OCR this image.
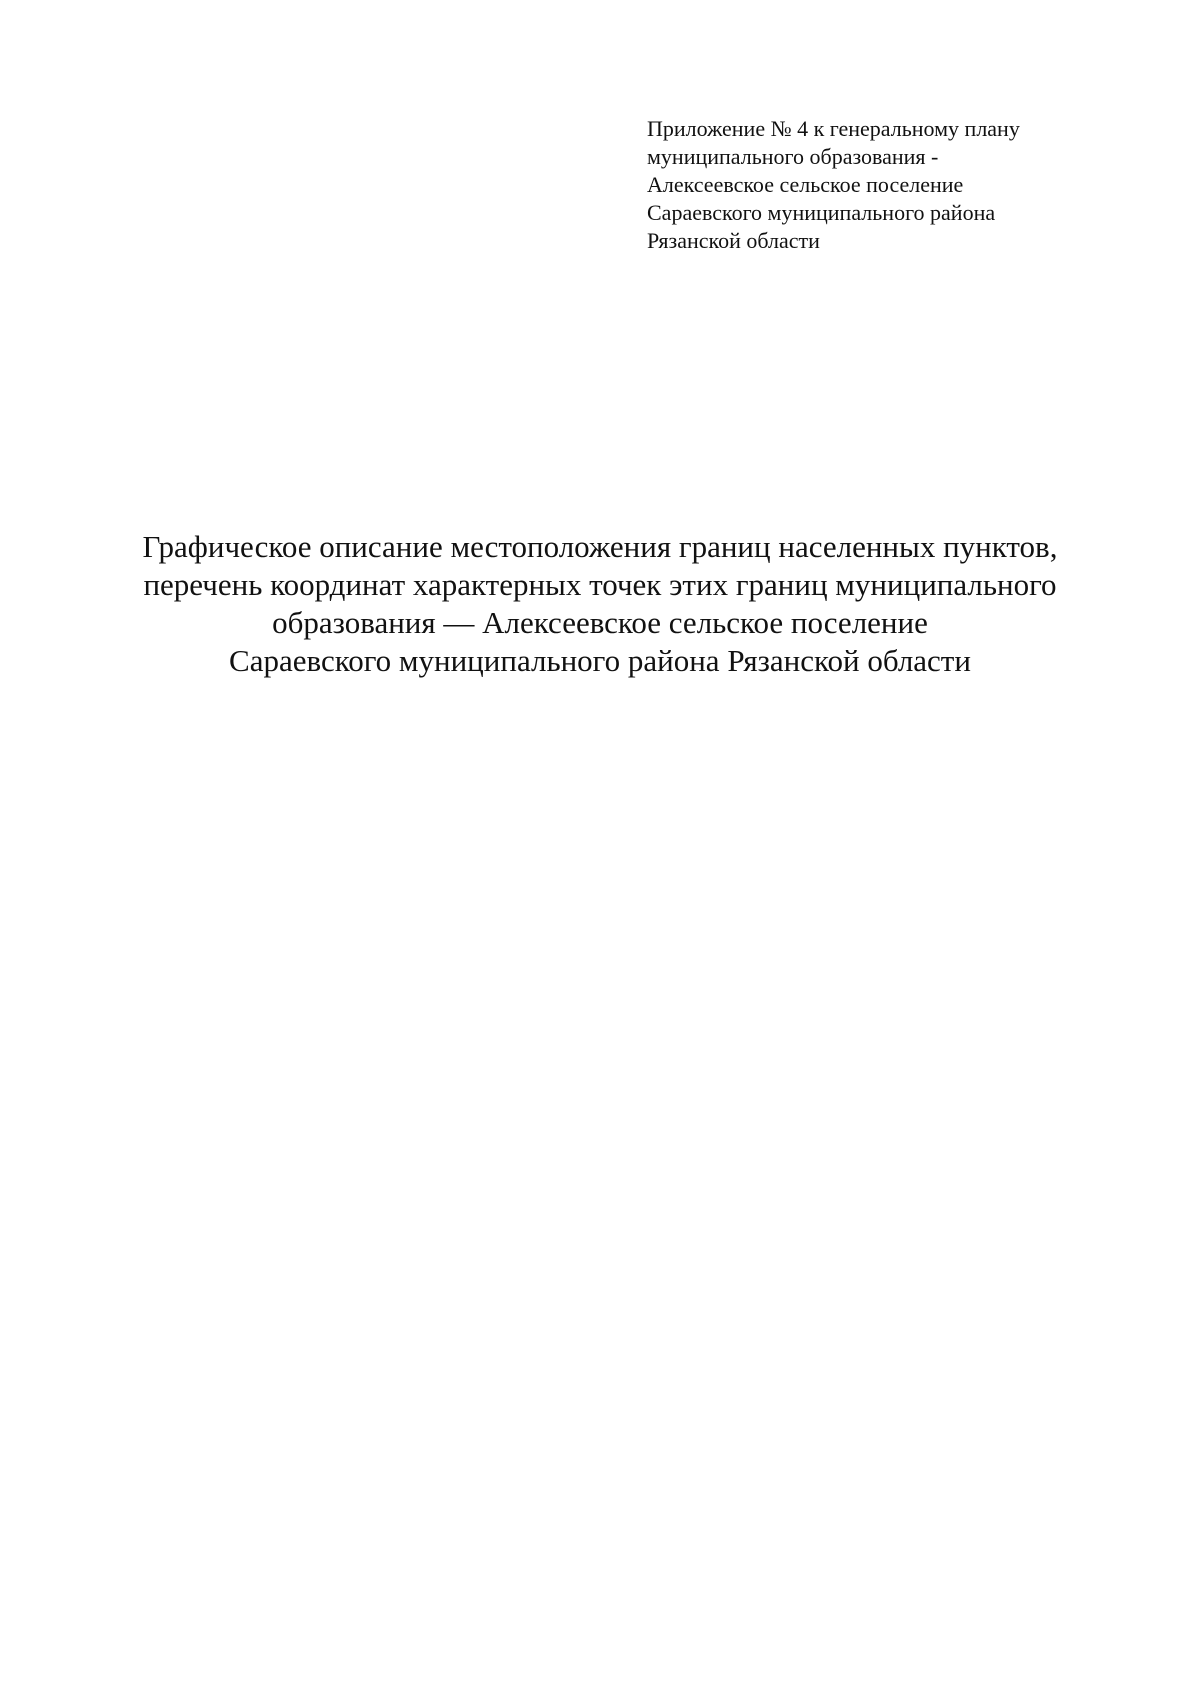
Приложение № 4 к генеральному плану
муниципального образования -
Алексеевское сельское поселение
Сараевского муниципального района
Рязанской области
Графическое описание местоположения границ населенных пунктов,
перечень координат характерных точек этих границ муниципального
образования — Алексеевское сельское поселение
Сараевского муниципального района Рязанской области
